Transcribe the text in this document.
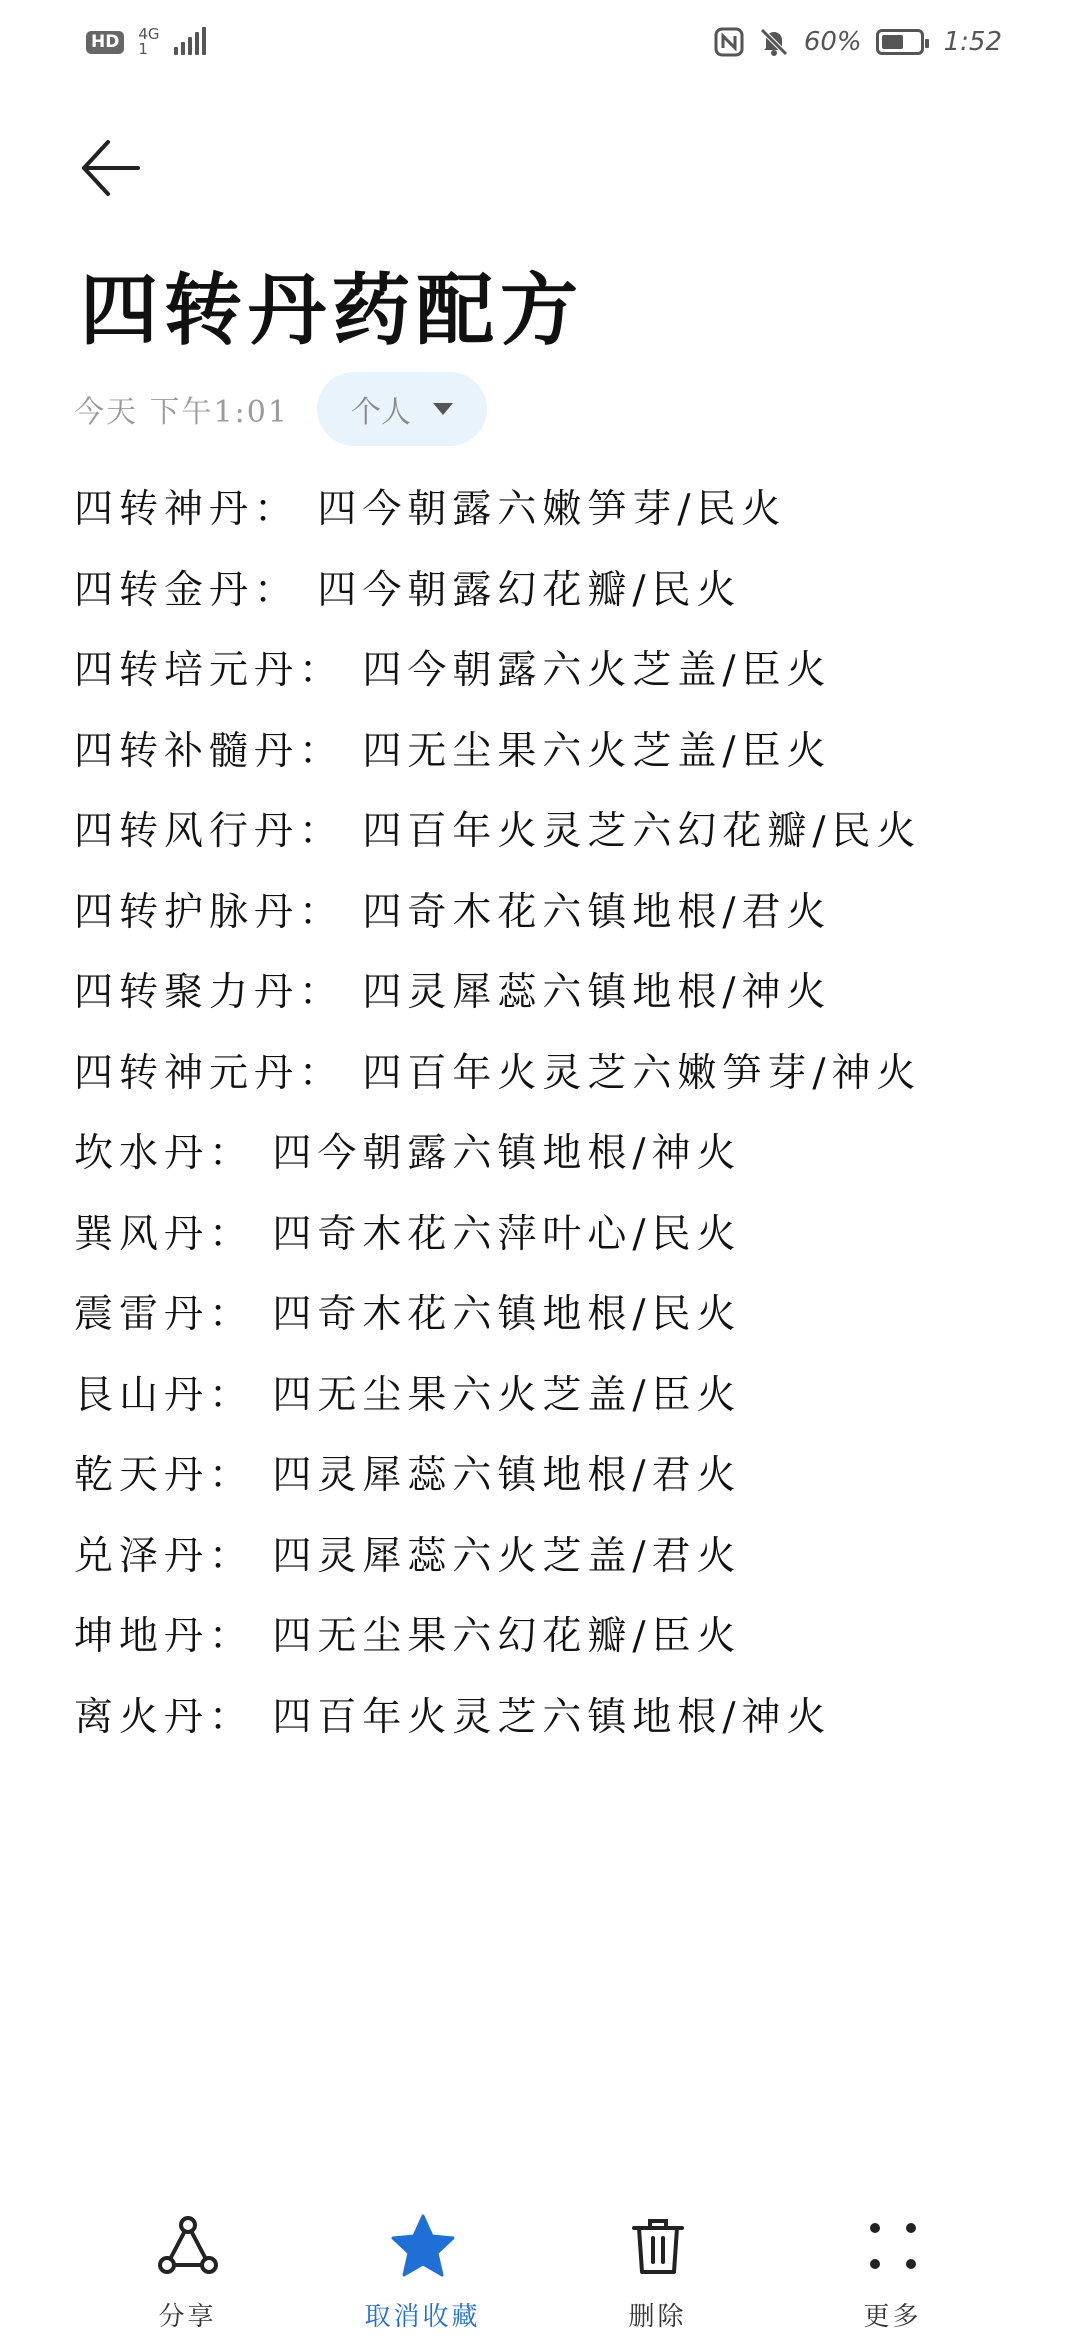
HD	4G
1	60%	1:52
四转丹药配方
今天 下午1:01 个人
四转神丹： 四今朝露六嫩笋芽/民火
四转金丹： 四今朝露幻花瓣/民火
四转培元丹： 四今朝露六火芝盖/臣火
四转补髓丹： 四无尘果六火芝盖/臣火
四转风行丹： 四百年火灵芝六幻花瓣/民火
四转护脉丹： 四奇木花六镇地根/君火
四转聚力丹： 四灵犀蕊六镇地根/神火
四转神元丹： 四百年火灵芝六嫩笋芽/神火
坎水丹： 四今朝露六镇地根/神火
巽风丹： 四奇木花六萍叶心/民火
震雷丹： 四奇木花六镇地根/民火
艮山丹： 四无尘果六火芝盖/臣火
乾天丹： 四灵犀蕊六镇地根/君火
兑泽丹： 四灵犀蕊六火芝盖/君火
坤地丹： 四无尘果六幻花瓣/臣火
离火丹： 四百年火灵芝六镇地根/神火
分享	取消收藏	删除	更多
